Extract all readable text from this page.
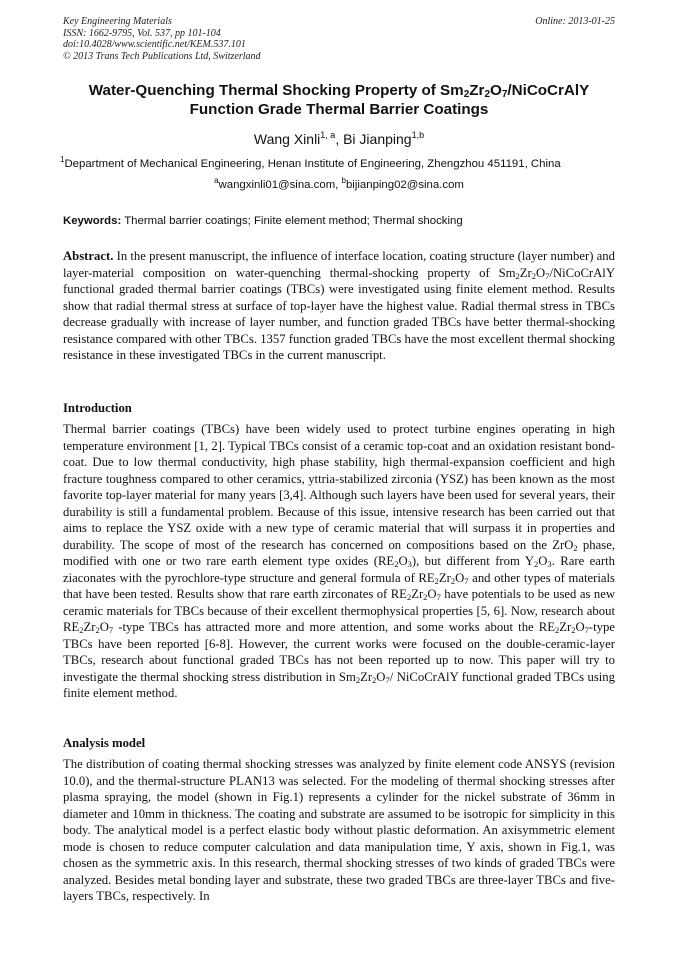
Key Engineering Materials
ISSN: 1662-9795, Vol. 537, pp 101-104
doi:10.4028/www.scientific.net/KEM.537.101
© 2013 Trans Tech Publications Ltd, Switzerland
Online: 2013-01-25
Water-Quenching Thermal Shocking Property of $Sm_2Zr_2O_7$/NiCoCrAlY
Function Grade Thermal Barrier Coatings
Wang Xinli$^{1, a}$, Bi Jianping$^{1,b}$
$^1$Department of Mechanical Engineering, Henan Institute of Engineering, Zhengzhou 451191, China
$^a$wangxinli01@sina.com, $^b$bijianping02@sina.com
Keywords: Thermal barrier coatings; Finite element method; Thermal shocking
Abstract. In the present manuscript, the influence of interface location, coating structure (layer number) and layer-material composition on water-quenching thermal-shocking property of $Sm_2Zr_2O_7$/NiCoCrAlY functional graded thermal barrier coatings (TBCs) were investigated using finite element method. Results show that radial thermal stress at surface of top-layer have the highest value. Radial thermal stress in TBCs decrease gradually with increase of layer number, and function graded TBCs have better thermal-shocking resistance compared with other TBCs. 1357 function graded TBCs have the most excellent thermal shocking resistance in these investigated TBCs in the current manuscript.
Introduction
Thermal barrier coatings (TBCs) have been widely used to protect turbine engines operating in high temperature environment [1, 2]. Typical TBCs consist of a ceramic top-coat and an oxidation resistant bond-coat. Due to low thermal conductivity, high phase stability, high thermal-expansion coefficient and high fracture toughness compared to other ceramics, yttria-stabilized zirconia (YSZ) has been known as the most favorite top-layer material for many years [3,4]. Although such layers have been used for several years, their durability is still a fundamental problem. Because of this issue, intensive research has been carried out that aims to replace the YSZ oxide with a new type of ceramic material that will surpass it in properties and durability. The scope of most of the research has concerned on compositions based on the ZrO$_2$ phase, modified with one or two rare earth element type oxides $(RE_2O_3)$, but different from $Y_2O_3$. Rare earth ziaconates with the pyrochlore-type structure and general formula of $RE_2Zr_2O_7$ and other types of materials that have been tested. Results show that rare earth zirconates of $RE_2Zr_2O_7$ have potentials to be used as new ceramic materials for TBCs because of their excellent thermophysical properties [5, 6]. Now, research about $RE_2Zr_2O_7$ -type TBCs has attracted more and more attention, and some works about the $RE_2Zr_2O_7$-type TBCs have been reported [6-8]. However, the current works were focused on the double-ceramic-layer TBCs, research about functional graded TBCs has not been reported up to now. This paper will try to investigate the thermal shocking stress distribution in $Sm_2Zr_2O_7/$ NiCoCrAlY functional graded TBCs using finite element method.
Analysis model
The distribution of coating thermal shocking stresses was analyzed by finite element code ANSYS (revision 10.0), and the thermal-structure PLAN13 was selected. For the modeling of thermal shocking stresses after plasma spraying, the model (shown in Fig.1) represents a cylinder for the nickel substrate of 36mm in diameter and 10mm in thickness. The coating and substrate are assumed to be isotropic for simplicity in this body. The analytical model is a perfect elastic body without plastic deformation. An axisymmetric element mode is chosen to reduce computer calculation and data manipulation time, Y axis, shown in Fig.1, was chosen as the symmetric axis. In this research, thermal shocking stresses of two kinds of graded TBCs were analyzed. Besides metal bonding layer and substrate, these two graded TBCs are three-layer TBCs and five-layers TBCs, respectively. In
